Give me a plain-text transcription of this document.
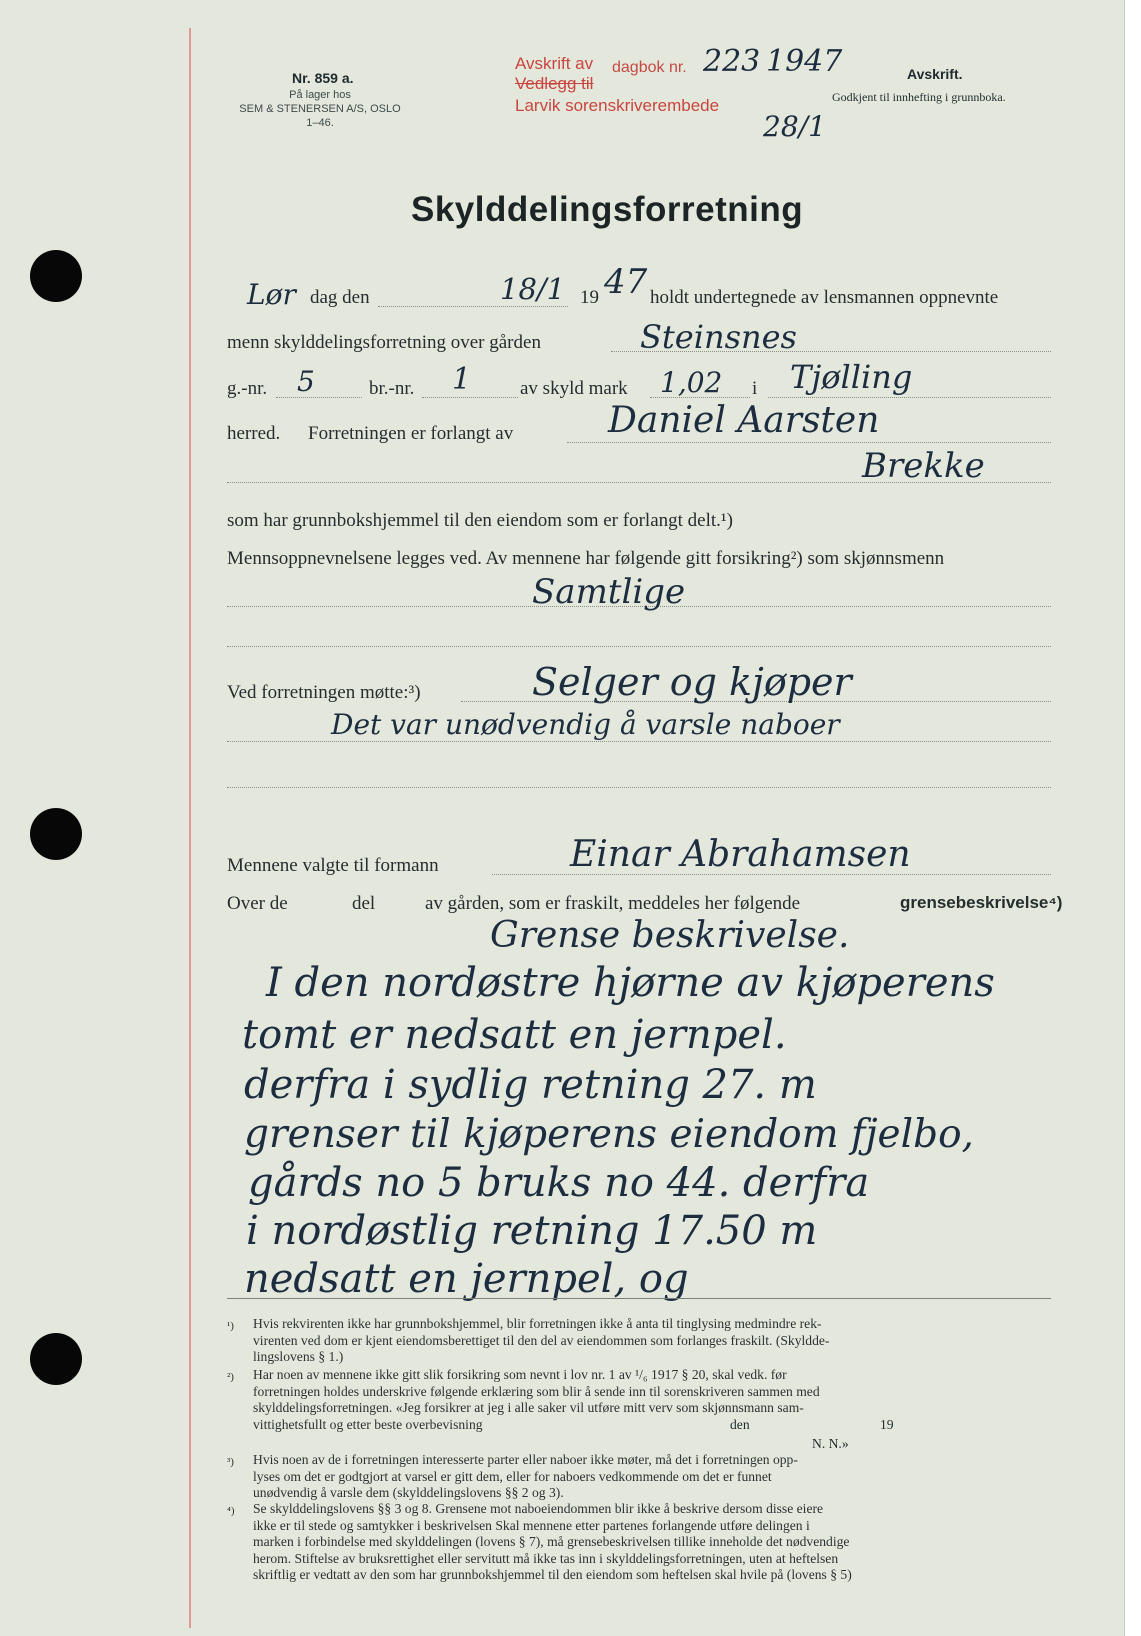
Nr. 859 a.
På lager hos
SEM & STENERSEN A/S, OSLO
1–46.
Avskrift av
Vedlegg til
Larvik sorenskriverembede
dagbok nr. 223 1947
28/1
Avskrift.
Godkjent til innhefting i grunnboka.
Skylddelingsforretning
Lør dag den	18/1 19 47 holdt undertegnede av lensmannen oppnevnte
menn skylddelingsforretning over gården	Steinsnes
g.-nr. 5	br.-nr. 1	av skyld mark 1,02 i Tjølling
herred. Forretningen er forlangt av	Daniel Aarsten
Brekke
som har grunnbokshjemmel til den eiendom som er forlangt delt.¹)
Mennsoppnevnelsene legges ved. Av mennene har følgende gitt forsikring²) som skjønnsmenn
Samtlige
Ved forretningen møtte:³)	Selger og kjøper
Det var unødvendig å varsle naboer
Mennene valgte til formann	Einar Abrahamsen
Over de	del	av gården, som er fraskilt, meddeles her følgende	grensebeskrivelse⁴)
Grense beskrivelse.
I den nordøstre hjørne av kjøperens
tomt er nedsatt en jernpel.
derfra i sydlig retning 27. m
grenser til kjøperens eiendom fjelbo,
gårds no 5 bruks no 44. derfra
i nordøstlig retning 17.50 m
nedsatt en jernpel, og
¹) Hvis rekvirenten ikke har grunnbokshjemmel, blir forretningen ikke å anta til tinglysing medmindre rek-
virenten ved dom er kjent eiendomsberettiget til den del av eiendommen som forlanges fraskilt. (Skyldde-
lingslovens § 1.)
²) Har noen av mennene ikke gitt slik forsikring som nevnt i lov nr. 1 av ¹/₆ 1917 § 20, skal vedk. før
forretningen holdes underskrive følgende erklæring som blir å sende inn til sorenskriveren sammen med
skylddelingsforretningen. «Jeg forsikrer at jeg i alle saker vil utføre mitt verv som skjønnsmann sam-
vittighetsfullt og etter beste overbevisning	den	19
N. N.»
³) Hvis noen av de i forretningen interesserte parter eller naboer ikke møter, må det i forretningen opp-
lyses om det er godtgjort at varsel er gitt dem, eller for naboers vedkommende om det er funnet
unødvendig å varsle dem (skylddelingslovens §§ 2 og 3).
⁴) Se skylddelingslovens §§ 3 og 8. Grensene mot naboeiendommen blir ikke å beskrive dersom disse eiere
ikke er til stede og samtykker i beskrivelsen Skal mennene etter partenes forlangende utføre delingen i
marken i forbindelse med skylddelingen (lovens § 7), må grensebeskrivelsen tillike inneholde det nødvendige
herom. Stiftelse av bruksrettighet eller servitutt må ikke tas inn i skylddelingsforretningen, uten at heftelsen
skriftlig er vedtatt av den som har grunnbokshjemmel til den eiendom som heftelsen skal hvile på (lovens § 5)
